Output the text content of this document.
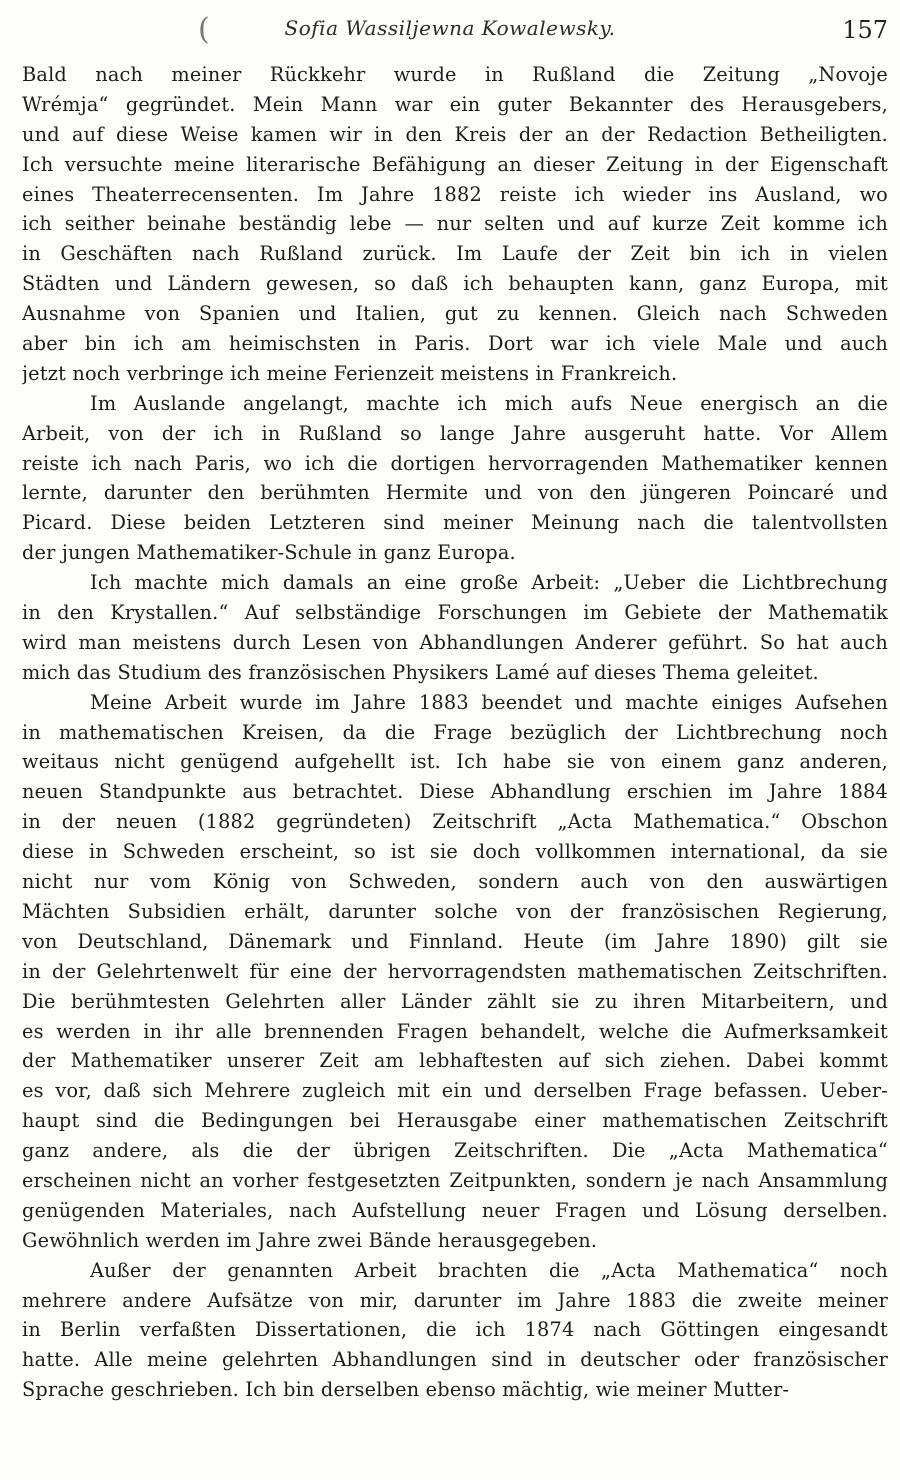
(	Sofia Wassiljewna Kowalewsky.	157
Bald nach meiner Rückkehr wurde in Rußland die Zeitung „Novoje
Wrémja“ gegründet. Mein Mann war ein guter Bekannter des Herausgebers,
und auf diese Weise kamen wir in den Kreis der an der Redaction Betheiligten.
Ich versuchte meine literarische Befähigung an dieser Zeitung in der Eigenschaft
eines Theaterrecensenten. Im Jahre 1882 reiste ich wieder ins Ausland, wo
ich seither beinahe beständig lebe — nur selten und auf kurze Zeit komme ich
in Geschäften nach Rußland zurück. Im Laufe der Zeit bin ich in vielen
Städten und Ländern gewesen, so daß ich behaupten kann, ganz Europa, mit
Ausnahme von Spanien und Italien, gut zu kennen. Gleich nach Schweden
aber bin ich am heimischsten in Paris. Dort war ich viele Male und auch
jetzt noch verbringe ich meine Ferienzeit meistens in Frankreich.
Im Auslande angelangt, machte ich mich aufs Neue energisch an die
Arbeit, von der ich in Rußland so lange Jahre ausgeruht hatte. Vor Allem
reiste ich nach Paris, wo ich die dortigen hervorragenden Mathematiker kennen
lernte, darunter den berühmten Hermite und von den jüngeren Poincaré und
Picard. Diese beiden Letzteren sind meiner Meinung nach die talentvollsten
der jungen Mathematiker-Schule in ganz Europa.
Ich machte mich damals an eine große Arbeit: „Ueber die Lichtbrechung
in den Krystallen.“ Auf selbständige Forschungen im Gebiete der Mathematik
wird man meistens durch Lesen von Abhandlungen Anderer geführt. So hat auch
mich das Studium des französischen Physikers Lamé auf dieses Thema geleitet.
Meine Arbeit wurde im Jahre 1883 beendet und machte einiges Aufsehen
in mathematischen Kreisen, da die Frage bezüglich der Lichtbrechung noch
weitaus nicht genügend aufgehellt ist. Ich habe sie von einem ganz anderen,
neuen Standpunkte aus betrachtet. Diese Abhandlung erschien im Jahre 1884
in der neuen (1882 gegründeten) Zeitschrift „Acta Mathematica.“ Obschon
diese in Schweden erscheint, so ist sie doch vollkommen international, da sie
nicht nur vom König von Schweden, sondern auch von den auswärtigen
Mächten Subsidien erhält, darunter solche von der französischen Regierung,
von Deutschland, Dänemark und Finnland. Heute (im Jahre 1890) gilt sie
in der Gelehrtenwelt für eine der hervorragendsten mathematischen Zeitschriften.
Die berühmtesten Gelehrten aller Länder zählt sie zu ihren Mitarbeitern, und
es werden in ihr alle brennenden Fragen behandelt, welche die Aufmerksamkeit
der Mathematiker unserer Zeit am lebhaftesten auf sich ziehen. Dabei kommt
es vor, daß sich Mehrere zugleich mit ein und derselben Frage befassen. Ueber-
haupt sind die Bedingungen bei Herausgabe einer mathematischen Zeitschrift
ganz andere, als die der übrigen Zeitschriften. Die „Acta Mathematica“
erscheinen nicht an vorher festgesetzten Zeitpunkten, sondern je nach Ansammlung
genügenden Materiales, nach Aufstellung neuer Fragen und Lösung derselben.
Gewöhnlich werden im Jahre zwei Bände herausgegeben.
Außer der genannten Arbeit brachten die „Acta Mathematica“ noch
mehrere andere Aufsätze von mir, darunter im Jahre 1883 die zweite meiner
in Berlin verfaßten Dissertationen, die ich 1874 nach Göttingen eingesandt
hatte. Alle meine gelehrten Abhandlungen sind in deutscher oder französischer
Sprache geschrieben. Ich bin derselben ebenso mächtig, wie meiner Mutter-
